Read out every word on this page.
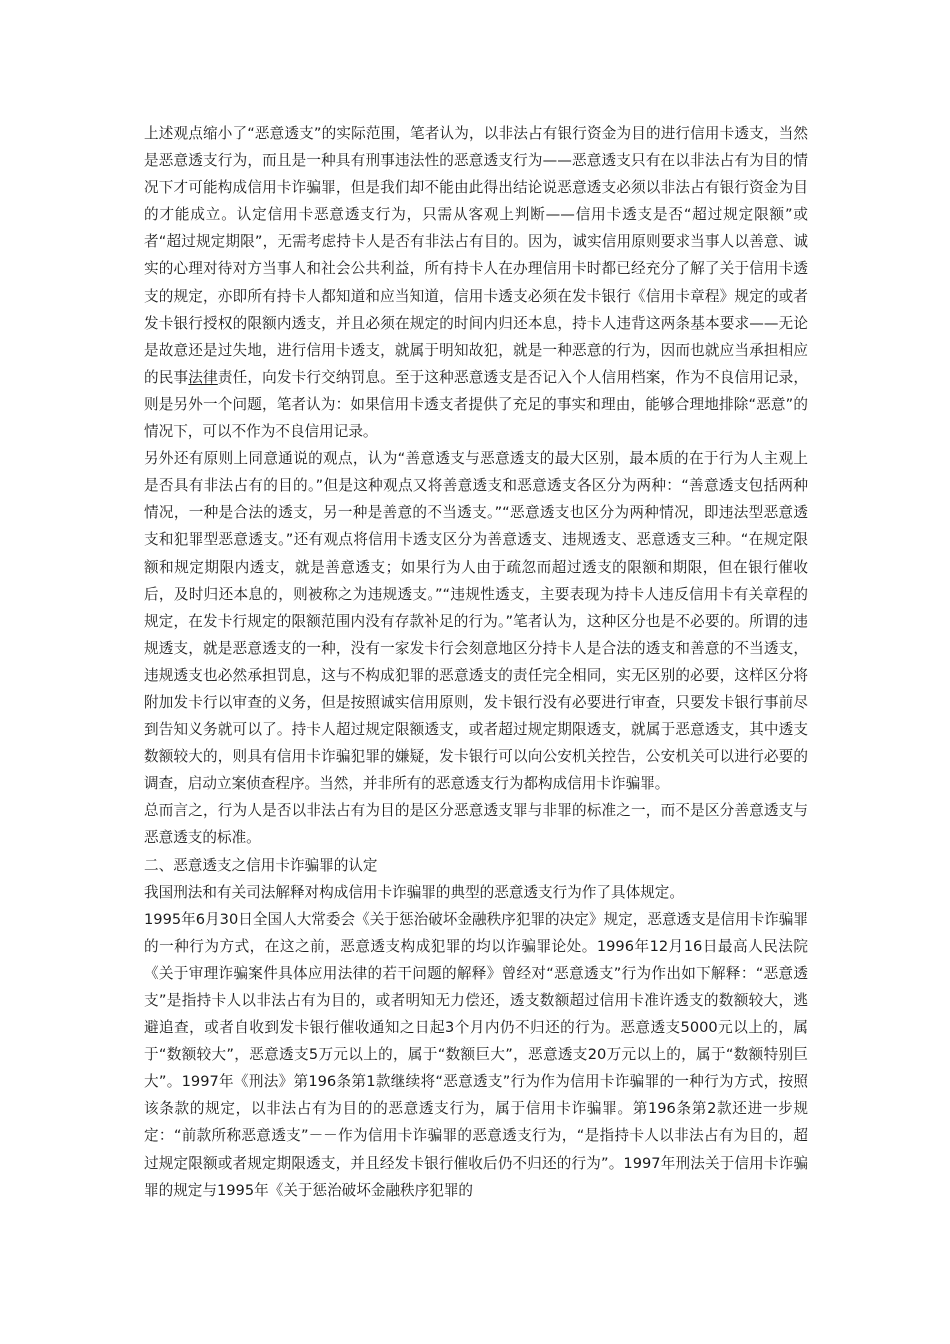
上述观点缩小了“恶意透支”的实际范围，笔者认为，以非法占有银行资金为目的进行信用卡透支，当然是恶意透支行为，而且是一种具有刑事违法性的恶意透支行为——恶意透支只有在以非法占有为目的情况下才可能构成信用卡诈骗罪，但是我们却不能由此得出结论说恶意透支必须以非法占有银行资金为目的才能成立。认定信用卡恶意透支行为，只需从客观上判断——信用卡透支是否“超过规定限额”或者“超过规定期限”，无需考虑持卡人是否有非法占有目的。因为，诚实信用原则要求当事人以善意、诚实的心理对待对方当事人和社会公共利益，所有持卡人在办理信用卡时都已经充分了解了关于信用卡透支的规定，亦即所有持卡人都知道和应当知道，信用卡透支必须在发卡银行《信用卡章程》规定的或者发卡银行授权的限额内透支，并且必须在规定的时间内归还本息，持卡人违背这两条基本要求——无论是故意还是过失地，进行信用卡透支，就属于明知故犯，就是一种恶意的行为，因而也就应当承担相应的民事法律责任，向发卡行交纳罚息。至于这种恶意透支是否记入个人信用档案，作为不良信用记录，则是另外一个问题，笔者认为：如果信用卡透支者提供了充足的事实和理由，能够合理地排除“恶意”的情况下，可以不作为不良信用记录。

另外还有原则上同意通说的观点，认为“善意透支与恶意透支的最大区别，最本质的在于行为人主观上是否具有非法占有的目的。”但是这种观点又将善意透支和恶意透支各区分为两种：“善意透支包括两种情况，一种是合法的透支，另一种是善意的不当透支。”“恶意透支也区分为两种情况，即违法型恶意透支和犯罪型恶意透支。”还有观点将信用卡透支区分为善意透支、违规透支、恶意透支三种。“在规定限额和规定期限内透支，就是善意透支；如果行为人由于疏忽而超过透支的限额和期限，但在银行催收后，及时归还本息的，则被称之为违规透支。”“违规性透支，主要表现为持卡人违反信用卡有关章程的规定，在发卡行规定的限额范围内没有存款补足的行为。”笔者认为，这种区分也是不必要的。所谓的违规透支，就是恶意透支的一种，没有一家发卡行会刻意地区分持卡人是合法的透支和善意的不当透支，违规透支也必然承担罚息，这与不构成犯罪的恶意透支的责任完全相同，实无区别的必要，这样区分将附加发卡行以审查的义务，但是按照诚实信用原则，发卡银行没有必要进行审查，只要发卡银行事前尽到告知义务就可以了。持卡人超过规定限额透支，或者超过规定期限透支，就属于恶意透支，其中透支数额较大的，则具有信用卡诈骗犯罪的嫌疑，发卡银行可以向公安机关控告，公安机关可以进行必要的调查，启动立案侦查程序。当然，并非所有的恶意透支行为都构成信用卡诈骗罪。

总而言之，行为人是否以非法占有为目的是区分恶意透支罪与非罪的标准之一，而不是区分善意透支与恶意透支的标准。

二、恶意透支之信用卡诈骗罪的认定

我国刑法和有关司法解释对构成信用卡诈骗罪的典型的恶意透支行为作了具体规定。

1995年6月30日全国人大常委会《关于惩治破坏金融秩序犯罪的决定》规定，恶意透支是信用卡诈骗罪的一种行为方式，在这之前，恶意透支构成犯罪的均以诈骗罪论处。1996年12月16日最高人民法院《关于审理诈骗案件具体应用法律的若干问题的解释》曾经对“恶意透支”行为作出如下解释：“恶意透支”是指持卡人以非法占有为目的，或者明知无力偿还，透支数额超过信用卡准许透支的数额较大，逃避追查，或者自收到发卡银行催收通知之日起3个月内仍不归还的行为。恶意透支5000元以上的，属于“数额较大”，恶意透支5万元以上的，属于“数额巨大”，恶意透支20万元以上的，属于“数额特别巨大”。1997年《刑法》第196条第1款继续将“恶意透支”行为作为信用卡诈骗罪的一种行为方式，按照该条款的规定，以非法占有为目的的恶意透支行为，属于信用卡诈骗罪。第196条第2款还进一步规定：“前款所称恶意透支”－－作为信用卡诈骗罪的恶意透支行为，“是指持卡人以非法占有为目的，超过规定限额或者规定期限透支，并且经发卡银行催收后仍不归还的行为”。1997年刑法关于信用卡诈骗罪的规定与1995年《关于惩治破坏金融秩序犯罪的
